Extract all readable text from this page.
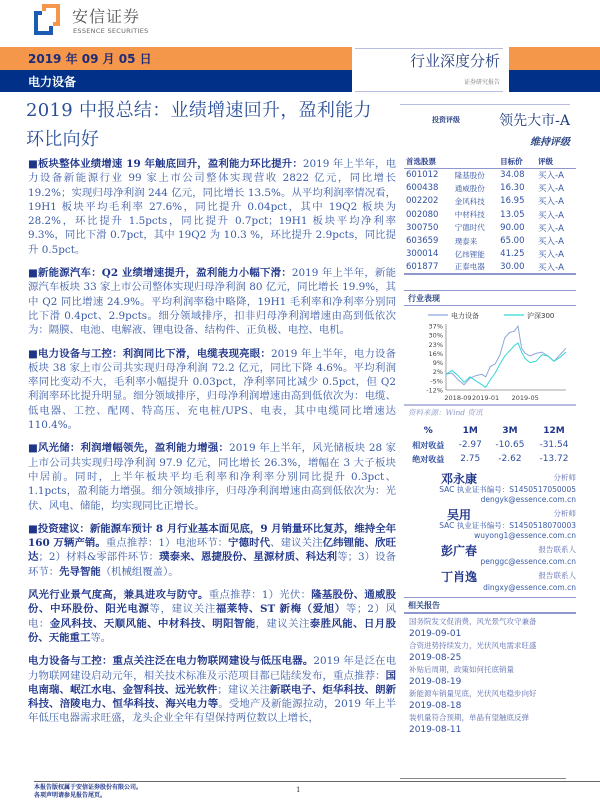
安信证券
ESSENCE SECURITIES
2019 年 09 月 05 日
电力设备
行业深度分析
证券研究报告
2019 中报总结：业绩增速回升，盈利能力环比向好
投资评级	领先大市-A
维持评级

■板块整体业绩增速 19 年触底回升，盈利能力环比提升：2019 年上半年，电力设备新能源行业 99 家上市公司整体实现营收 2822 亿元，同比增长 19.2%；实现归母净利润 244 亿元，同比增长 13.5%。从平均利润率情况看，19H1 板块平均毛利率 27.6%，同比提升 0.04pct，其中 19Q2 板块为 28.2%，环比提升 1.5pcts，同比提升 0.7pct；19H1 板块平均净利率 9.3%，同比下滑 0.7pct，其中 19Q2 为 10.3 %，环比提升 2.9pcts，同比提升 0.5pct。

■新能源汽车：Q2 业绩增速提升，盈利能力小幅下滑：2019 年上半年，新能源汽车板块 33 家上市公司整体实现归母净利润 80 亿元，同比增长 19.9%，其中 Q2 同比增速 24.9%。平均利润率稳中略降，19H1 毛利率和净利率分别同比下滑 0.4pct、2.9pcts。细分领域排序，扣非归母净利润增速由高到低依次为：隔膜、电池、电解液、锂电设备、结构件、正负极、电控、电机。

■电力设备与工控：利润同比下滑，电缆表现亮眼：2019 年上半年，电力设备板块 38 家上市公司共实现归母净利润 72.2 亿元，同比下降 4.6%。平均利润率同比变动不大，毛利率小幅提升 0.03pct，净利率同比减少 0.5pct，但 Q2 利润率环比提升明显。细分领域排序，归母净利润增速由高到低依次为：电缆、低电器、工控、配网、特高压、充电桩/UPS、电表，其中电缆同比增速达 110.4%。

■风光储：利润增幅领先，盈利能力增强：2019 年上半年，风光储板块 28 家上市公司共实现归母净利润 97.9 亿元，同比增长 26.3%，增幅在 3 大子板块中居前。同时，上半年板块平均毛利率和净利率分别同比提升 0.3pct、1.1pcts，盈利能力增强。细分领域排序，归母净利润增速由高到低依次为：光伏、风电、储能，均实现同比正增长。

■投资建议：新能源车预计 8 月行业基本面见底，9 月销量环比复苏，维持全年 160 万辆产销。重点推荐：1）电池环节：宁德时代、建议关注亿纬锂能、欣旺达；2）材料&零部件环节：璞泰来、恩捷股份、星源材质、科达利等；3）设备环节：先导智能（机械组覆盖）。

风光行业景气度高，兼具进攻与防守。重点推荐：1）光伏：隆基股份、通威股份、中环股份、阳光电源等，建议关注福莱特、ST 新梅（爱旭）等；2）风电：金风科技、天顺风能、中材科技、明阳智能，建议关注泰胜风能、日月股份、天能重工等。

电力设备与工控：重点关注泛在电力物联网建设与低压电器。2019 年是泛在电力物联网建设启动元年，相关技术标准及示范项目都已陆续发布，重点推荐：国电南瑞、岷江水电、金智科技、远光软件；建议关注新联电子、炬华科技、朗新科技、涪陵电力、恒华科技、海兴电力等。受地产及新能源拉动，2019 年上半年低压电器需求旺盛，龙头企业全年有望保持两位数以上增长，

首选股票		目标价	评级
601012	隆基股份	34.08	买入-A
600438	通威股份	16.30	买入-A
002202	金风科技	16.95	买入-A
002080	中材科技	13.05	买入-A
300750	宁德时代	90.00	买入-A
603659	璞泰来	65.00	买入-A
300014	亿纬锂能	41.25	买入-A
601877	正泰电器	30.00	买入-A
行业表现
37%
30%
23%
16%
9%
2%
-5%
-12%
2018-09 2019-01 2019-05
电力设备	沪深300
资料来源：Wind 资讯
%	1M	3M	12M
相对收益	-2.97	-10.65	-31.54
绝对收益	2.75	-2.62	-13.72
邓永康	分析师
SAC 执业证书编号：S1450517050005
dengyk@essence.com.cn
吴用	分析师
SAC 执业证书编号：S1450518070003
wuyong1@essence.com.cn
彭广春	报告联系人
penggc@essence.com.cn
丁肖逸	报告联系人
dingxy@essence.com.cn
相关报告
国务院发文促消费，风光景气攻守兼备
2019-09-01
合资进势持续发力，光伏风电需求旺盛
2019-08-25
补贴后周期，政策如何托底销量
2019-08-19
新能源车销量见底，光伏风电稳步向好
2019-08-18
装机量符合预期，单晶有望触底反弹
2019-08-11
本报告版权属于安信证券股份有限公司。
各项声明请参见报告尾页。
1
